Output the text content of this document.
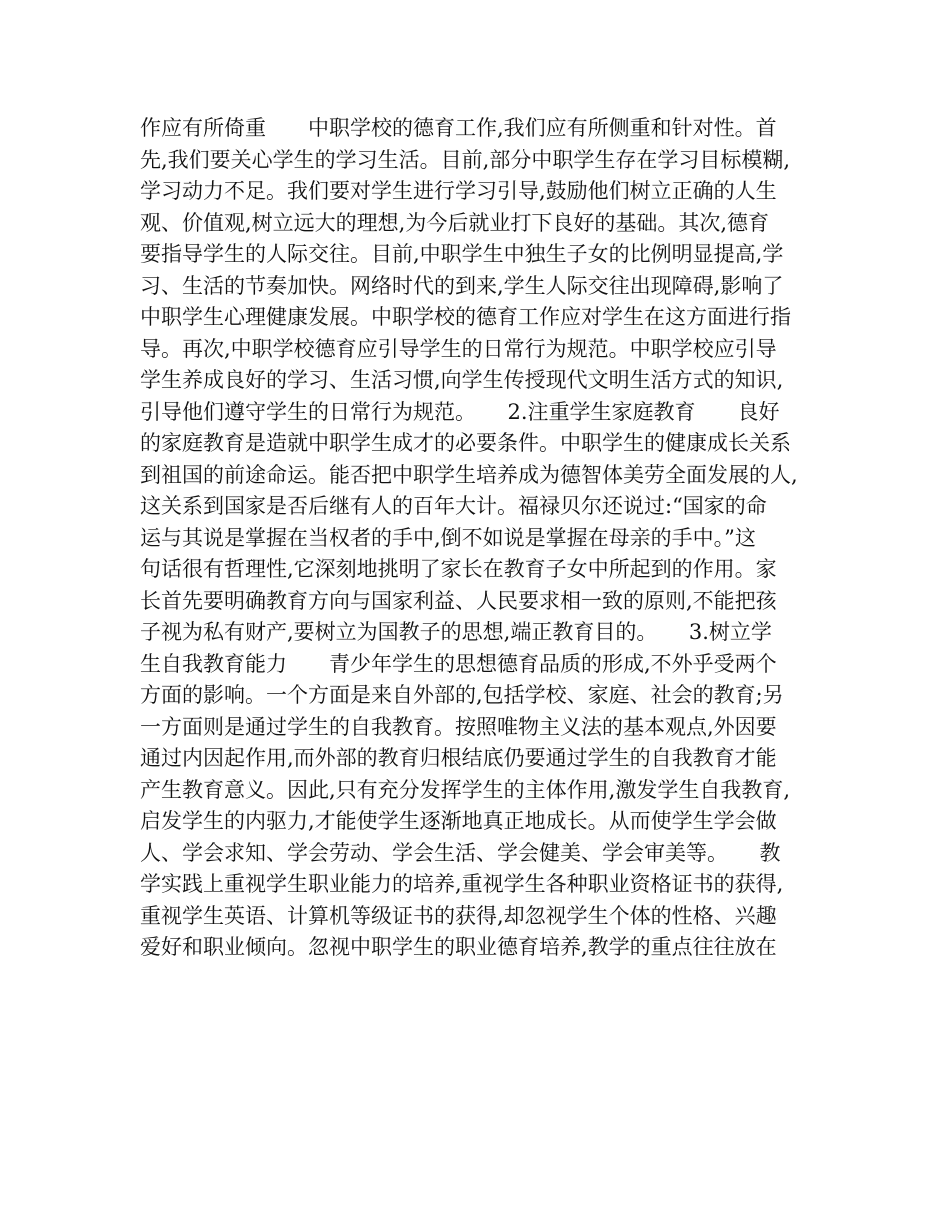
作应有所倚重　　中职学校的德育工作,我们应有所侧重和针对性。首
先,我们要关心学生的学习生活。目前,部分中职学生存在学习目标模糊,
学习动力不足。我们要对学生进行学习引导,鼓励他们树立正确的人生
观、价值观,树立远大的理想,为今后就业打下良好的基础。其次,德育
要指导学生的人际交往。目前,中职学生中独生子女的比例明显提高,学
习、生活的节奏加快。网络时代的到来,学生人际交往出现障碍,影响了
中职学生心理健康发展。中职学校的德育工作应对学生在这方面进行指
导。再次,中职学校德育应引导学生的日常行为规范。中职学校应引导
学生养成良好的学习、生活习惯,向学生传授现代文明生活方式的知识,
引导他们遵守学生的日常行为规范。　　2.注重学生家庭教育　　良好
的家庭教育是造就中职学生成才的必要条件。中职学生的健康成长关系
到祖国的前途命运。能否把中职学生培养成为德智体美劳全面发展的人,
这关系到国家是否后继有人的百年大计。福禄贝尔还说过:“国家的命
运与其说是掌握在当权者的手中,倒不如说是掌握在母亲的手中。”这
句话很有哲理性,它深刻地挑明了家长在教育子女中所起到的作用。家
长首先要明确教育方向与国家利益、人民要求相一致的原则,不能把孩
子视为私有财产,要树立为国教子的思想,端正教育目的。　　3.树立学
生自我教育能力　　青少年学生的思想德育品质的形成,不外乎受两个
方面的影响。一个方面是来自外部的,包括学校、家庭、社会的教育;另
一方面则是通过学生的自我教育。按照唯物主义法的基本观点,外因要
通过内因起作用,而外部的教育归根结底仍要通过学生的自我教育才能
产生教育意义。因此,只有充分发挥学生的主体作用,激发学生自我教育,
启发学生的内驱力,才能使学生逐渐地真正地成长。从而使学生学会做
人、学会求知、学会劳动、学会生活、学会健美、学会审美等。　　教
学实践上重视学生职业能力的培养,重视学生各种职业资格证书的获得,
重视学生英语、计算机等级证书的获得,却忽视学生个体的性格、兴趣
爱好和职业倾向。忽视中职学生的职业德育培养,教学的重点往往放在
